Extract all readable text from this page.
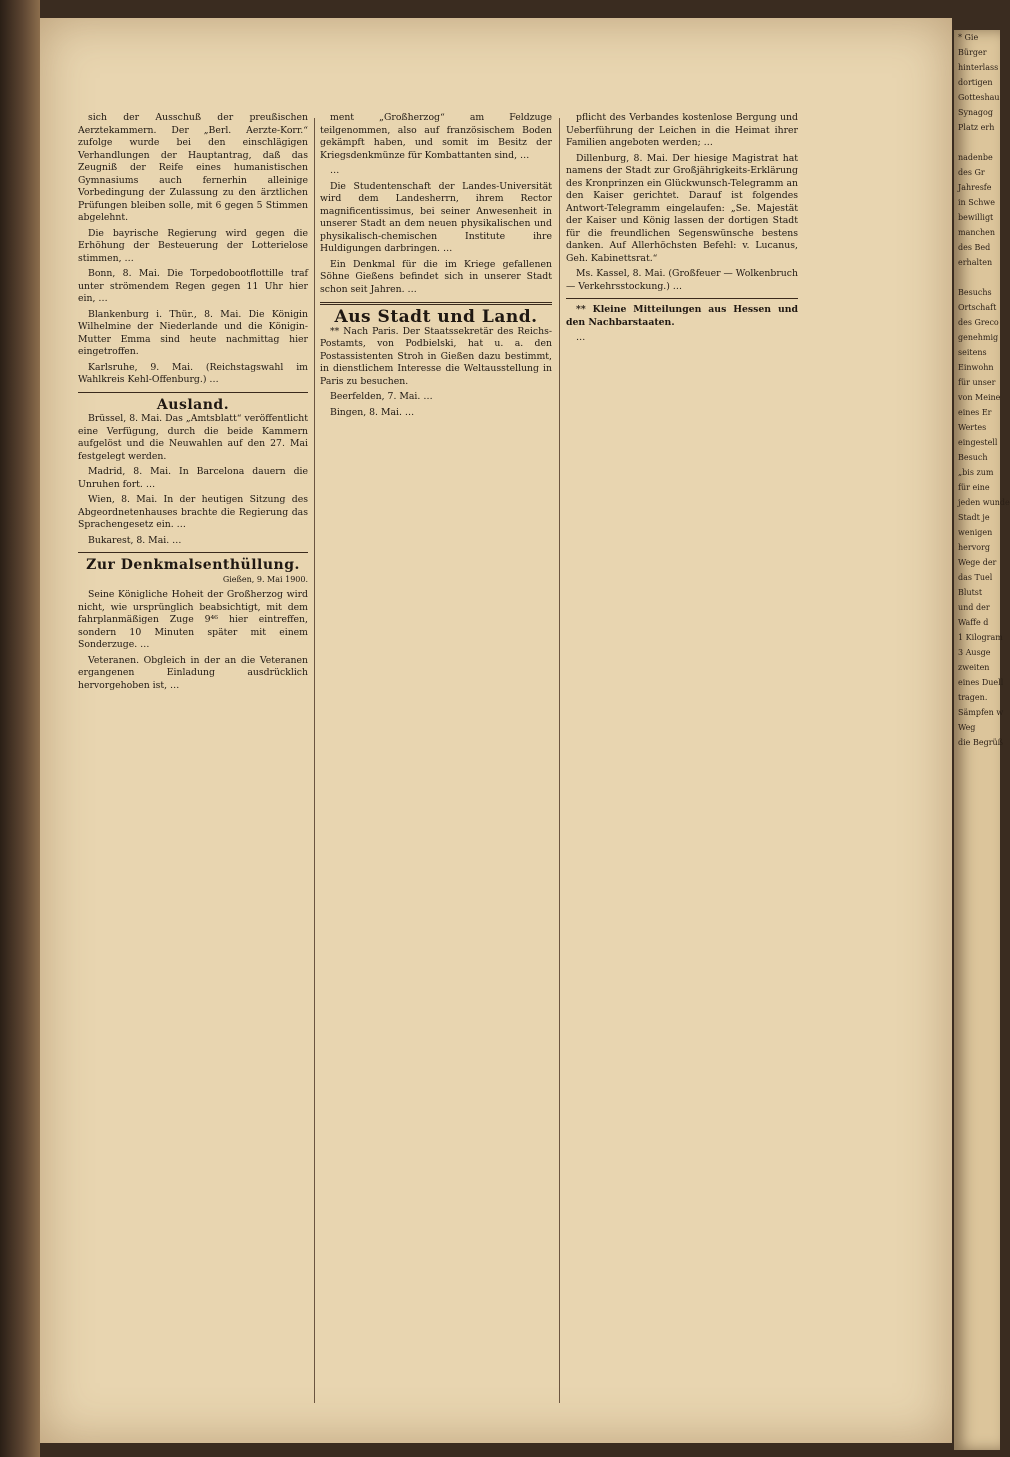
sich der Ausschuß der preußischen Aerztekammern. Der „Berl. Aerzte-Korr.“ zufolge wurde bei den einschlägigen Verhandlungen der Hauptantrag, daß das Zeugniß der Reife eines humanistischen Gymnasiums auch fernerhin alleinige Vorbedingung der Zulassung zu den ärztlichen Prüfungen bleiben solle, mit 6 gegen 5 Stimmen abgelehnt.

Die bayrische Regierung wird gegen die Erhöhung der Besteuerung der Lotterielose stimmen, …

Bonn, 8. Mai. Die Torpedobootflottille traf unter strömendem Regen gegen 11 Uhr hier ein, …

Blankenburg i. Thür., 8. Mai. Die Königin Wilhelmine der Niederlande und die Königin-Mutter Emma sind heute nachmittag hier eingetroffen.

Karlsruhe, 9. Mai. (Reichstagswahl im Wahlkreis Kehl-Offenburg.) …

Ausland.

Brüssel, 8. Mai. Das „Amtsblatt“ veröffentlicht eine Verfügung, durch die beide Kammern aufgelöst und die Neuwahlen auf den 27. Mai festgelegt werden.

Madrid, 8. Mai. In Barcelona dauern die Unruhen fort. …

Wien, 8. Mai. In der heutigen Sitzung des Abgeordnetenhauses brachte die Regierung das Sprachengesetz ein. …

Bukarest, 8. Mai. …

Zur Denkmalsenthüllung.
Gießen, 9. Mai 1900.

Seine Königliche Hoheit der Großherzog wird nicht, wie ursprünglich beabsichtigt, mit dem fahrplanmäßigen Zuge 9⁴⁶ hier eintreffen, sondern 10 Minuten später mit einem Sonderzuge. …

Veteranen. Obgleich in der an die Veteranen ergangenen Einladung ausdrücklich hervorgehoben ist, …

ment „Großherzog“ am Feldzuge teilgenommen, also auf französischem Boden gekämpft haben, und somit im Besitz der Kriegsdenkmünze für Kombattanten sind, …

…

Die Studentenschaft der Landes-Universität wird dem Landesherrn, ihrem Rector magnificentissimus, bei seiner Anwesenheit in unserer Stadt an dem neuen physikalischen und physikalisch-chemischen Institute ihre Huldigungen darbringen. …

Ein Denkmal für die im Kriege gefallenen Söhne Gießens befindet sich in unserer Stadt schon seit Jahren. …

Aus Stadt und Land.

** Nach Paris. Der Staatssekretär des Reichs-Postamts, von Podbielski, hat u. a. den Postassistenten Stroh in Gießen dazu bestimmt, in dienstlichem Interesse die Weltausstellung in Paris zu besuchen.

Beerfelden, 7. Mai. …

Bingen, 8. Mai. …

pflicht des Verbandes kostenlose Bergung und Ueberführung der Leichen in die Heimat ihrer Familien angeboten werden; …

Dillenburg, 8. Mai. Der hiesige Magistrat hat namens der Stadt zur Großjährigkeits-Erklärung des Kronprinzen ein Glückwunsch-Telegramm an den Kaiser gerichtet. Darauf ist folgendes Antwort-Telegramm eingelaufen: „Se. Majestät der Kaiser und König lassen der dortigen Stadt für die freundlichen Segenswünsche bestens danken. Auf Allerhöchsten Befehl: v. Lucanus, Geh. Kabinettsrat.“

Ms. Kassel, 8. Mai. (Großfeuer — Wolkenbruch — Verkehrsstockung.) …

** Kleine Mitteilungen aus Hessen und den Nachbarstaaten.

…

* Gie
Bürger
hinterlass
dortigen
Gotteshau
Synagog
Platz erh

nadenbe
des Gr
Jahresfe
in Schwe
bewilligt
manchen
des Bed
erhalten

Besuchs
Ortschaft
des Greco
genehmig
seitens
Einwohn
für unser
von Meine
eines Er
Wertes
eingestell
Besuch
„bis zum
für eine
jeden wunde
Stadt je
wenigen
hervorg
Wege der
das Tuel
Blutst
und der
Waffe d
1 Kilogram
3 Ausge
zweiten
eines Duell
tragen.
Sämpfen w
Weg
die Begrüß
